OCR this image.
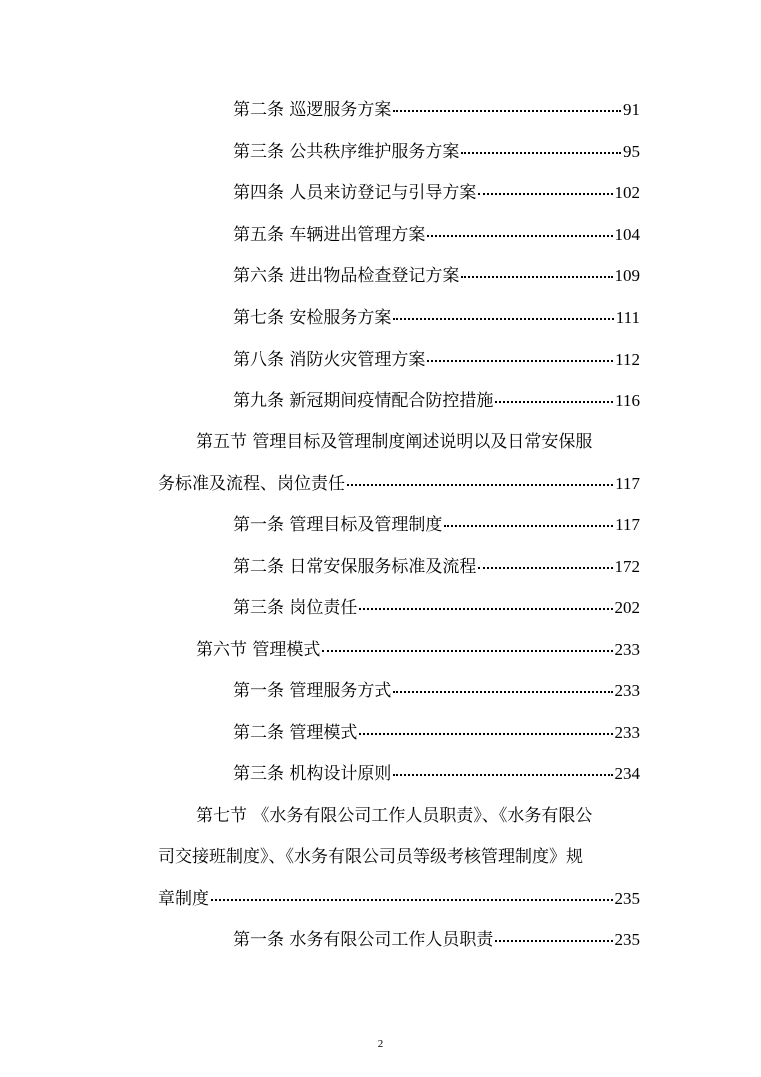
第二条 巡逻服务方案	91
第三条 公共秩序维护服务方案	95
第四条 人员来访登记与引导方案	102
第五条 车辆进出管理方案	104
第六条 进出物品检查登记方案	109
第七条 安检服务方案	111
第八条 消防火灾管理方案	112
第九条 新冠期间疫情配合防控措施	116
第五节 管理目标及管理制度阐述说明以及日常安保服
务标准及流程、岗位责任	117
第一条 管理目标及管理制度	117
第二条 日常安保服务标准及流程	172
第三条 岗位责任	202
第六节 管理模式	233
第一条 管理服务方式	233
第二条 管理模式	233
第三条 机构设计原则	234
第七节 《水务有限公司工作人员职责》、《水务有限公
司交接班制度》、《水务有限公司员等级考核管理制度》规
章制度	235
第一条 水务有限公司工作人员职责	235
2
